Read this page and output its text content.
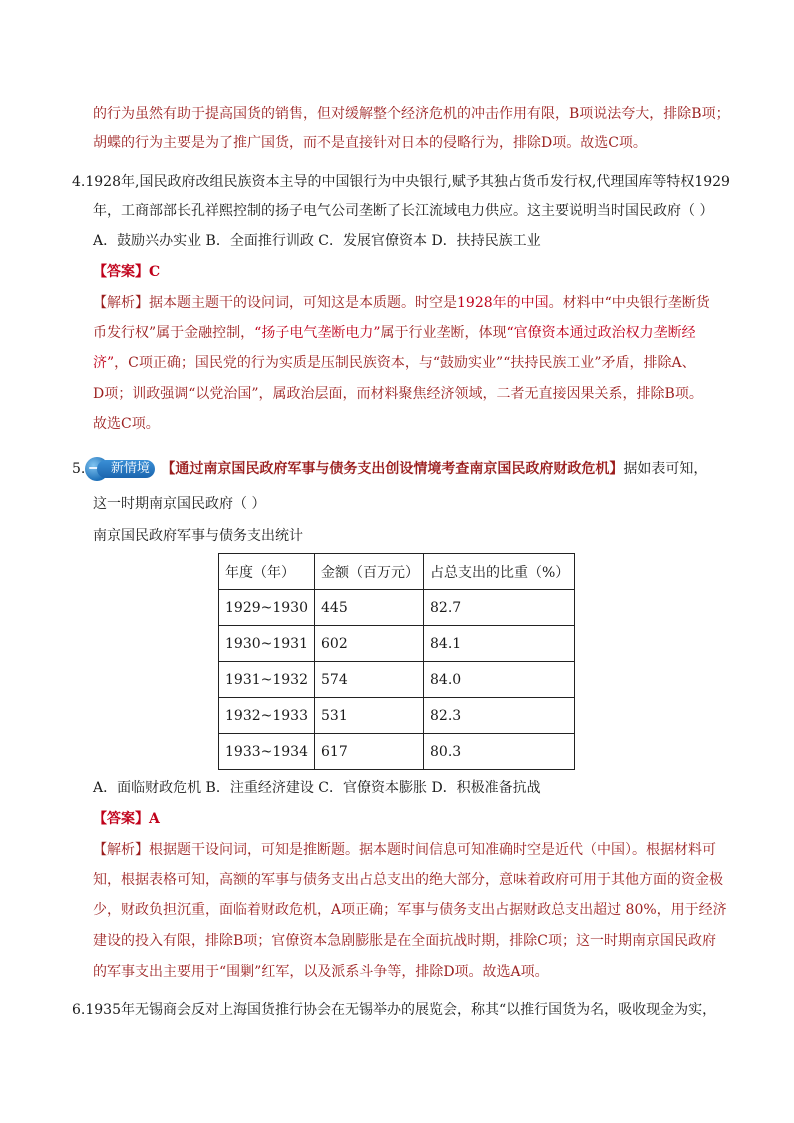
的行为虽然有助于提高国货的销售，但对缓解整个经济危机的冲击作用有限，B项说法夸大，排除B项；
胡蝶的行为主要是为了推广国货，而不是直接针对日本的侵略行为，排除D项。故选C项。
4.1928年,国民政府改组民族资本主导的中国银行为中央银行,赋予其独占货币发行权,代理国库等特权1929
年，工商部部长孔祥熙控制的扬子电气公司垄断了长江流域电力供应。这主要说明当时国民政府（ ）
A．鼓励兴办实业 B．全面推行训政 C．发展官僚资本 D．扶持民族工业
【答案】C
【解析】据本题主题干的设问词，可知这是本质题。时空是1928年的中国。材料中“中央银行垄断货
币发行权”属于金融控制，“扬子电气垄断电力”属于行业垄断，体现“官僚资本通过政治权力垄断经
济”，C项正确；国民党的行为实质是压制民族资本，与“鼓励实业”“扶持民族工业”矛盾，排除A、
D项；训政强调“以党治国”，属政治层面，而材料聚焦经济领域，二者无直接因果关系，排除B项。
故选C项。
5.	新情境 【通过南京国民政府军事与债务支出创设情境考查南京国民政府财政危机】据如表可知，
这一时期南京国民政府（ ）
南京国民政府军事与债务支出统计
年度（年）	金额（百万元）	占总支出的比重（%）
1929~1930	445	82.7
1930~1931	602	84.1
1931~1932	574	84.0
1932~1933	531	82.3
1933~1934	617	80.3
A．面临财政危机 B．注重经济建设 C．官僚资本膨胀 D．积极准备抗战
【答案】A
【解析】根据题干设问词，可知是推断题。据本题时间信息可知准确时空是近代（中国）。根据材料可
知，根据表格可知，高额的军事与债务支出占总支出的绝大部分，意味着政府可用于其他方面的资金极
少，财政负担沉重，面临着财政危机，A项正确；军事与债务支出占据财政总支出超过 80%，用于经济
建设的投入有限，排除B项；官僚资本急剧膨胀是在全面抗战时期，排除C项；这一时期南京国民政府
的军事支出主要用于“围剿”红军，以及派系斗争等，排除D项。故选A项。
6.1935年无锡商会反对上海国货推行协会在无锡举办的展览会，称其“以推行国货为名，吸收现金为实，
